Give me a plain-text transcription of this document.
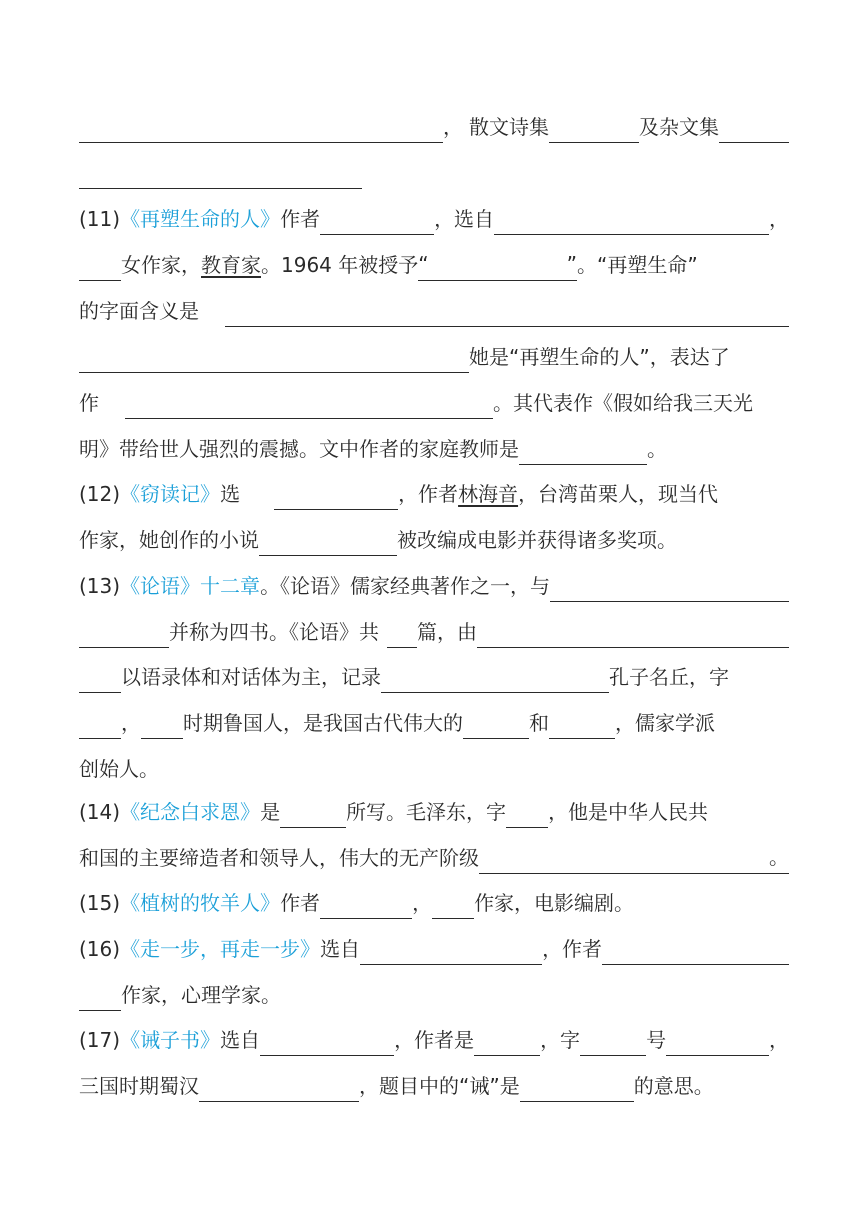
， 散文诗集	及杂文集
(11) 《再塑生命的人》 作者	，选自	，
女作家， 教育家 。1964 年被授予 “	” 。“再塑生命”
的字面含义是
她是“再塑生命的人”，表达了
作	。其代表作《假如给我三天光
明》带给世人强烈的震撼。文中作者的家庭教师是	。
(12) 《窃读记》 选	，作者 林海音 ，台湾苗栗人，现当代
作家，她创作的小说	被改编成电影并获得诸多奖项。
(13) 《论语》十二章 。《论语》儒家经典著作之一，与
并称为四书。《论语》共 篇，由
以语录体和对话体为主，记录	孔子名丘，字
， 时期鲁国人，是我国古代伟大的	和	，儒家学派
创始人。
(14) 《纪念白求恩》 是	所写。毛泽东，字 ，他是中华人民共
和国的主要缔造者和领导人，伟大的无产阶级	。
(15) 《植树的牧羊人》 作者	， 作家，电影编剧。
(16) 《走一步，再走一步》 选自	，作者
作家，心理学家。
(17) 《诫子书》 选自	，作者是	，字	号	，
三国时期蜀汉	，题目中的“诫”是	的意思。
